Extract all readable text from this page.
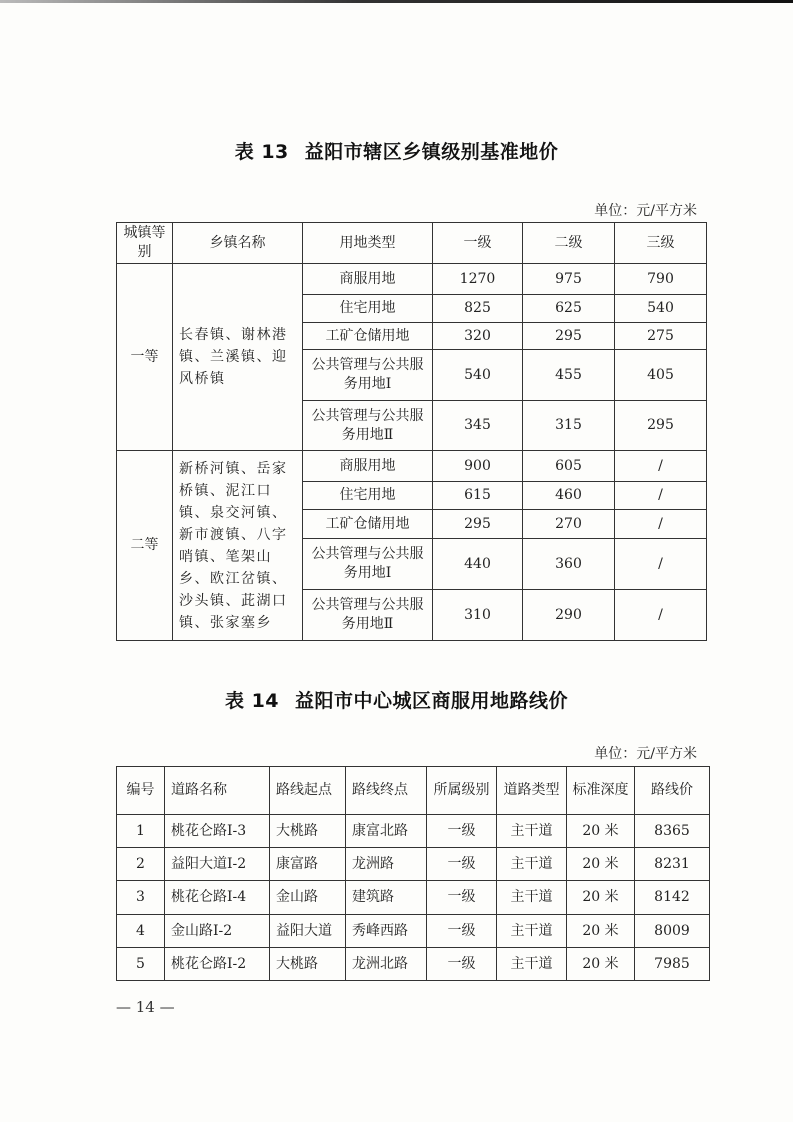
表 13 益阳市辖区乡镇级别基准地价
单位：元/平方米
城镇等别	乡镇名称	用地类型	一级	二级	三级
一等	长春镇、谢林港镇、兰溪镇、迎风桥镇	商服用地	1270	975	790
		住宅用地	825	625	540
		工矿仓储用地	320	295	275
		公共管理与公共服务用地Ⅰ	540	455	405
		公共管理与公共服务用地Ⅱ	345	315	295
二等	新桥河镇、岳家桥镇、泥江口镇、泉交河镇、新市渡镇、八字哨镇、笔架山乡、欧江岔镇、沙头镇、茈湖口镇、张家塞乡	商服用地	900	605	/
		住宅用地	615	460	/
		工矿仓储用地	295	270	/
		公共管理与公共服务用地Ⅰ	440	360	/
		公共管理与公共服务用地Ⅱ	310	290	/
表 14 益阳市中心城区商服用地路线价
单位：元/平方米
编号	道路名称	路线起点	路线终点	所属级别	道路类型	标准深度	路线价
1	桃花仑路Ⅰ-3	大桃路	康富北路	一级	主干道	20 米	8365
2	益阳大道Ⅰ-2	康富路	龙洲路	一级	主干道	20 米	8231
3	桃花仑路Ⅰ-4	金山路	建筑路	一级	主干道	20 米	8142
4	金山路Ⅰ-2	益阳大道	秀峰西路	一级	主干道	20 米	8009
5	桃花仑路Ⅰ-2	大桃路	龙洲北路	一级	主干道	20 米	7985
— 14 —
